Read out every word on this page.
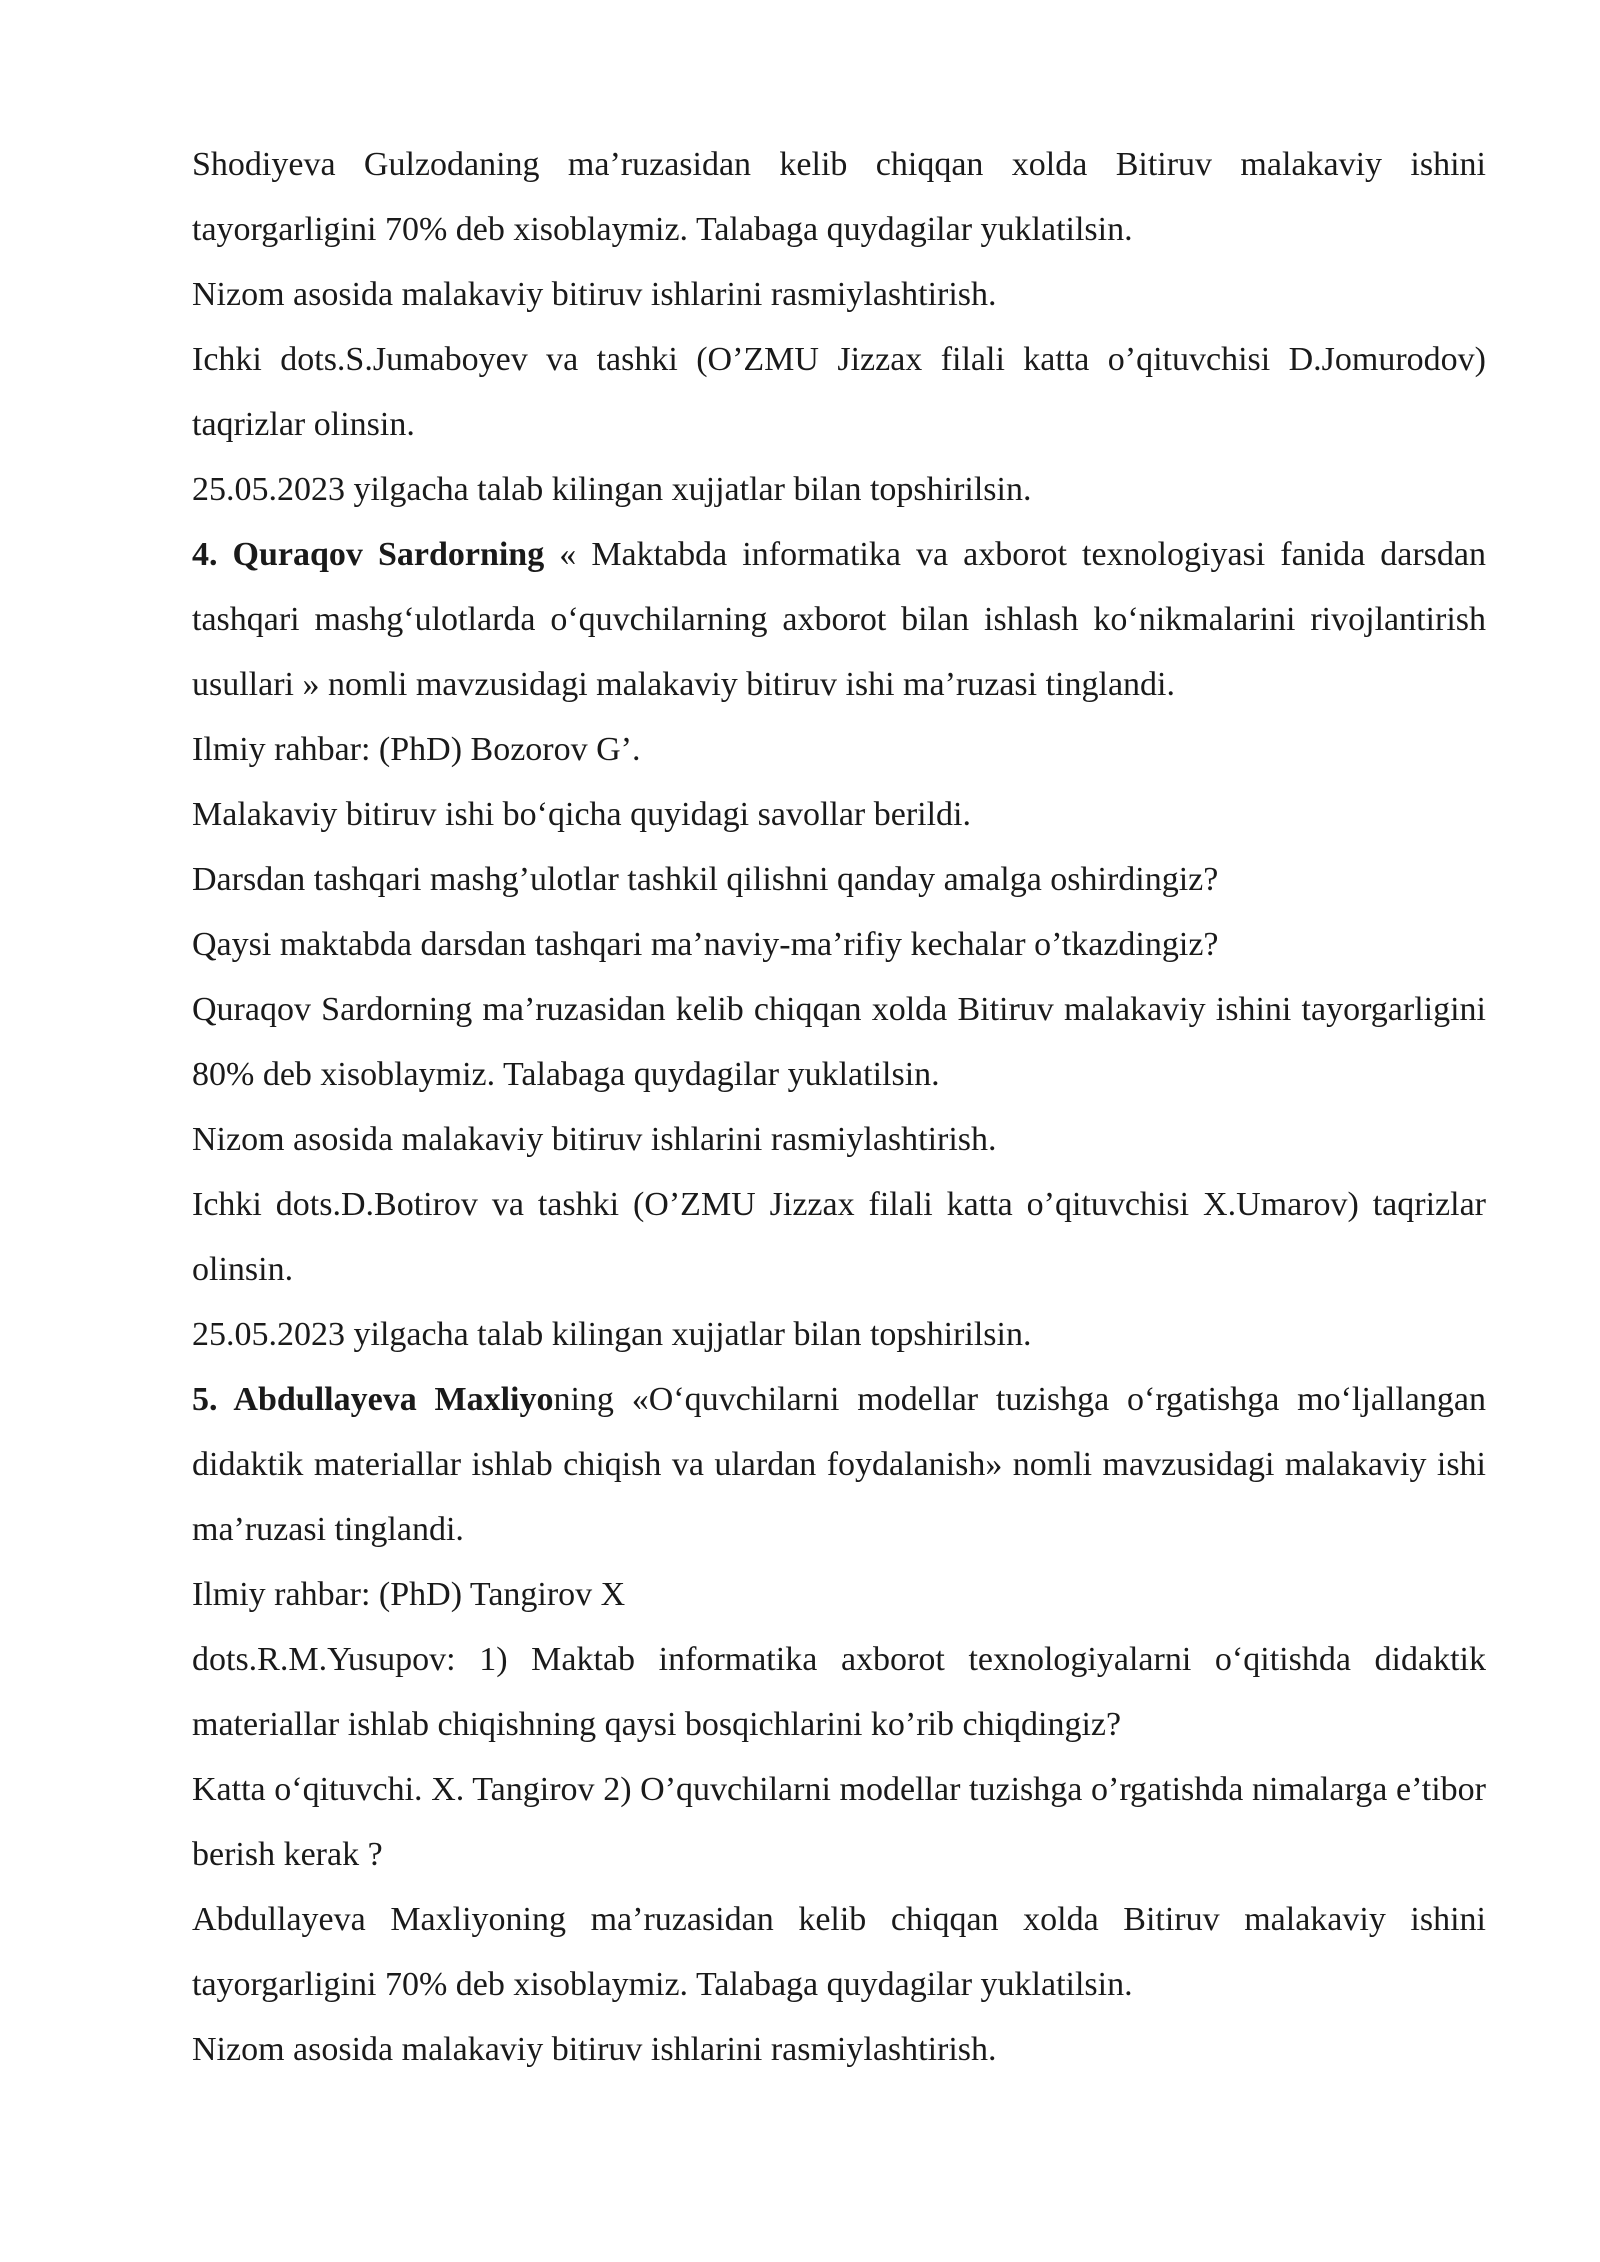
Shodiyeva Gulzodaning ma’ruzasidan kelib chiqqan xolda Bitiruv malakaviy ishini tayorgarligini 70% deb xisoblaymiz. Talabaga quydagilar yuklatilsin.

Nizom asosida malakaviy bitiruv ishlarini rasmiylashtirish.

Ichki dots.S.Jumaboyev va tashki (O’ZMU Jizzax filali katta o’qituvchisi D.Jomurodov) taqrizlar olinsin.

25.05.2023 yilgacha talab kilingan xujjatlar bilan topshirilsin.

4. Quraqov Sardorning « Maktabda informatika va axborot texnologiyasi fanida darsdan tashqari mashg‘ulotlarda o‘quvchilarning axborot bilan ishlash ko‘nikmalarini rivojlantirish usullari » nomli mavzusidagi malakaviy bitiruv ishi ma’ruzasi tinglandi.

Ilmiy rahbar: (PhD) Bozorov G’.

Malakaviy bitiruv ishi bo‘qicha quyidagi savollar berildi.

Darsdan tashqari mashg’ulotlar tashkil qilishni qanday amalga oshirdingiz?

Qaysi maktabda darsdan tashqari ma’naviy-ma’rifiy kechalar o’tkazdingiz?

Quraqov Sardorning ma’ruzasidan kelib chiqqan xolda Bitiruv malakaviy ishini tayorgarligini 80% deb xisoblaymiz. Talabaga quydagilar yuklatilsin.

Nizom asosida malakaviy bitiruv ishlarini rasmiylashtirish.

Ichki dots.D.Botirov va tashki (O’ZMU Jizzax filali katta o’qituvchisi X.Umarov) taqrizlar olinsin.

25.05.2023 yilgacha talab kilingan xujjatlar bilan topshirilsin.

5. Abdullayeva Maxliyoning «O‘quvchilarni modellar tuzishga o‘rgatishga mo‘ljallangan didaktik materiallar ishlab chiqish va ulardan foydalanish» nomli mavzusidagi malakaviy ishi ma’ruzasi tinglandi.

Ilmiy rahbar: (PhD) Tangirov X

dots.R.M.Yusupov: 1) Maktab informatika axborot texnologiyalarni o‘qitishda didaktik materiallar ishlab chiqishning qaysi bosqichlarini ko’rib chiqdingiz?

Katta o‘qituvchi. X. Tangirov 2) O’quvchilarni modellar tuzishga o’rgatishda nimalarga e’tibor berish kerak ?

Abdullayeva Maxliyoning ma’ruzasidan kelib chiqqan xolda Bitiruv malakaviy ishini tayorgarligini 70% deb xisoblaymiz. Talabaga quydagilar yuklatilsin.

Nizom asosida malakaviy bitiruv ishlarini rasmiylashtirish.
